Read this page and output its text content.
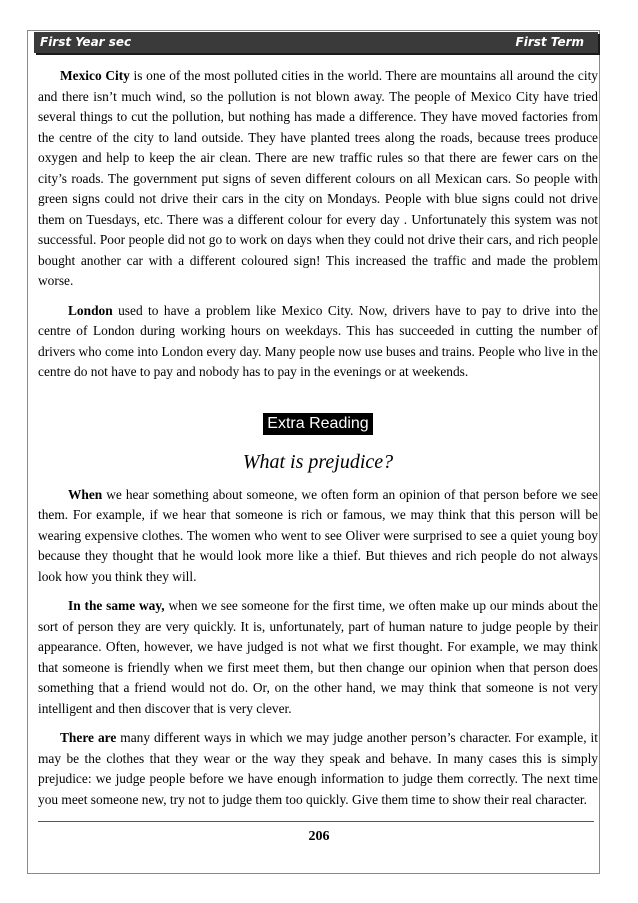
First Year sec	First Term

Mexico City is one of the most polluted cities in the world. There are mountains all around the city and there isn’t much wind, so the pollution is not blown away. The people of Mexico City have tried several things to cut the pollution, but nothing has made a difference. They have moved factories from the centre of the city to land outside. They have planted trees along the roads, because trees produce oxygen and help to keep the air clean. There are new traffic rules so that there are fewer cars on the city’s roads. The government put signs of seven different colours on all Mexican cars. So people with green signs could not drive their cars in the city on Mondays. People with blue signs could not drive them on Tuesdays, etc. There was a different colour for every day . Unfortunately this system was not successful. Poor people did not go to work on days when they could not drive their cars, and rich people bought another car with a different coloured sign! This increased the traffic and made the problem worse.

London used to have a problem like Mexico City. Now, drivers have to pay to drive into the centre of London during working hours on weekdays. This has succeeded in cutting the number of drivers who come into London every day. Many people now use buses and trains. People who live in the centre do not have to pay and nobody has to pay in the evenings or at weekends.

Extra Reading
What is prejudice?

When we hear something about someone, we often form an opinion of that person before we see them. For example, if we hear that someone is rich or famous, we may think that this person will be wearing expensive clothes. The women who went to see Oliver were surprised to see a quiet young boy because they thought that he would look more like a thief. But thieves and rich people do not always look how you think they will.

In the same way, when we see someone for the first time, we often make up our minds about the sort of person they are very quickly. It is, unfortunately, part of human nature to judge people by their appearance. Often, however, we have judged is not what we first thought. For example, we may think that someone is friendly when we first meet them, but then change our opinion when that person does something that a friend would not do. Or, on the other hand, we may think that someone is not very intelligent and then discover that is very clever.

There are many different ways in which we may judge another person’s character. For example, it may be the clothes that they wear or the way they speak and behave. In many cases this is simply prejudice: we judge people before we have enough information to judge them correctly. The next time you meet someone new, try not to judge them too quickly. Give them time to show their real character.

206
